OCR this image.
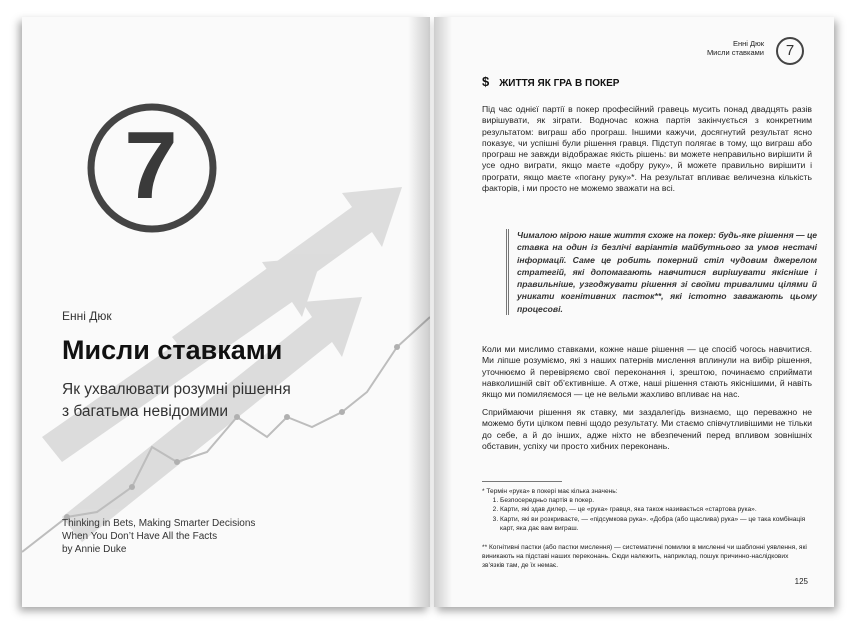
7
Енні Дюк
Мисли ставками
Як ухвалювати розумні рішення
з багатьма невідомими
Thinking in Bets, Making Smarter Decisions
When You Don’t Have All the Facts
by Annie Duke
Енні Дюк
Мисли ставками	7
$ ЖИТТЯ ЯК ГРА В ПОКЕР
Під час однієї партії в покер професійний гравець мусить понад двадцять разів вирішувати, як зіграти. Водночас кожна партія закінчується з конкретним результатом: виграш або програш. Іншими кажучи, досягнутий результат ясно показує, чи успішні були рішення гравця. Підступ полягає в тому, що виграш або програш не завжди відображає якість рішень: ви можете неправильно вирішити й усе одно виграти, якщо маєте «добру руку», й можете правильно вирішити і програти, якщо маєте «погану руку»*. На результат впливає величезна кількість факторів, і ми просто не можемо зважати на всі.
Чималою мірою наше життя схоже на покер: будь-яке рішення — це ставка на один із безлічі варіантів майбутнього за умов нестачі інформації. Саме це робить покерний стіл чудовим джерелом стратегій, які допомагають навчитися вирішувати якісніше і правильніше, узгоджувати рішення зі своїми тривалими цілями й уникати когнітивних пасток**, які істотно заважають цьому процесові.
Коли ми мислимо ставками, кожне наше рішення — це спосіб чогось навчитися. Ми ліпше розуміємо, які з наших патернів мислення вплинули на вибір рішення, уточнюємо й перевіряємо свої переконання і, зрештою, починаємо сприймати навколишній світ об’єктивніше. А отже, наші рішення стають якіснішими, й навіть якщо ми помиляємося — це не вельми жахливо впливає на нас.
Сприймаючи рішення як ставку, ми заздалегідь визнаємо, що переважно не можемо бути цілком певні щодо результату. Ми стаємо співчутливішими не тільки до себе, а й до інших, адже ніхто не вбезпечений перед впливом зовнішніх обставин, успіху чи просто хибних переконань.
* Термін «рука» в покері має кілька значень:
1. Безпосередньо партія в покер.
2. Карти, які здав дилер, — це «рука» гравця, яка також називається «стартова рука».
3. Карти, які ви розкриваєте, — «підсумкова рука». «Добра (або щаслива) рука» — це така комбінація карт, яка дає вам виграш.
** Когнітивні пастки (або пастки мислення) — систематичні помилки в мисленні чи шаблонні уявлення, які виникають на підставі наших переконань. Сюди належить, наприклад, пошук причинно-наслідкових зв’язків там, де їх немає.
125
